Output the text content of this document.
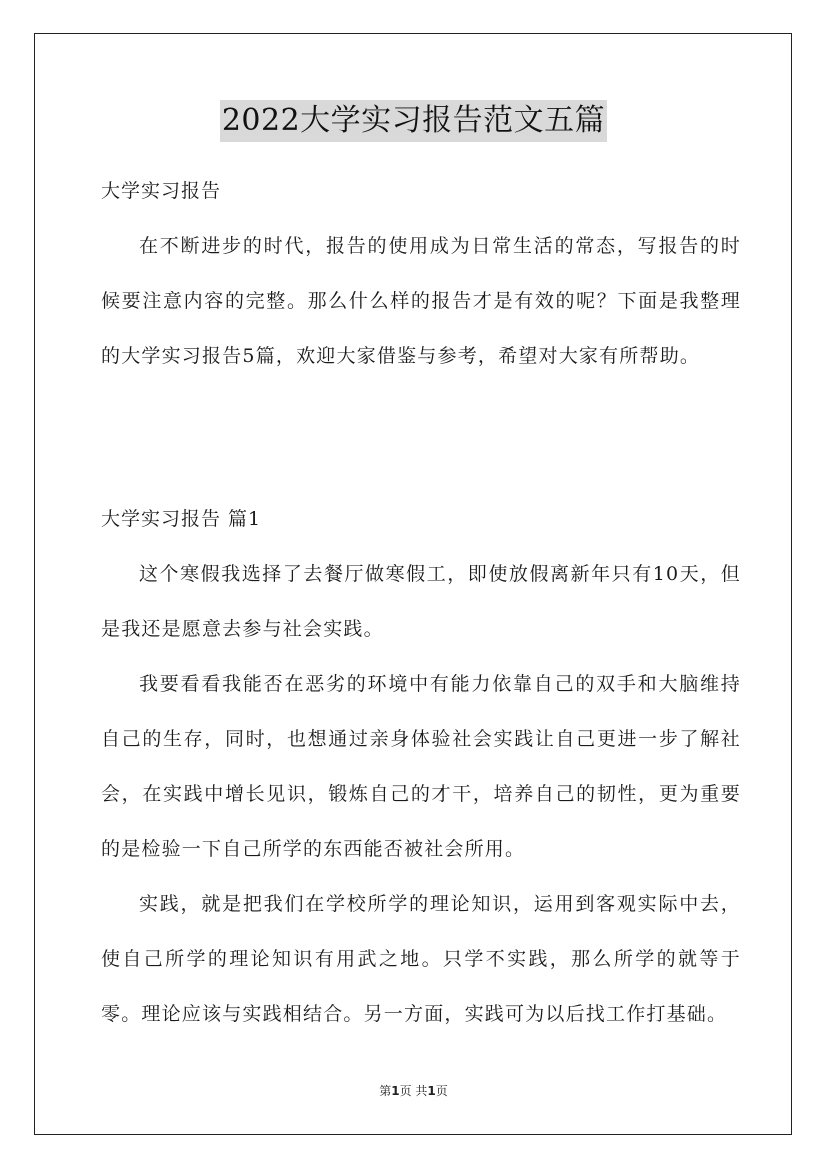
2022大学实习报告范文五篇

大学实习报告

在不断进步的时代，报告的使用成为日常生活的常态，写报告的时候要注意内容的完整。那么什么样的报告才是有效的呢？下面是我整理的大学实习报告5篇，欢迎大家借鉴与参考，希望对大家有所帮助。

大学实习报告 篇1

这个寒假我选择了去餐厅做寒假工，即使放假离新年只有10天，但是我还是愿意去参与社会实践。

我要看看我能否在恶劣的环境中有能力依靠自己的双手和大脑维持自己的生存，同时，也想通过亲身体验社会实践让自己更进一步了解社会，在实践中增长见识，锻炼自己的才干，培养自己的韧性，更为重要的是检验一下自己所学的东西能否被社会所用。

实践，就是把我们在学校所学的理论知识，运用到客观实际中去，使自己所学的理论知识有用武之地。只学不实践，那么所学的就等于零。理论应该与实践相结合。另一方面，实践可为以后找工作打基础。

第1页 共1页
